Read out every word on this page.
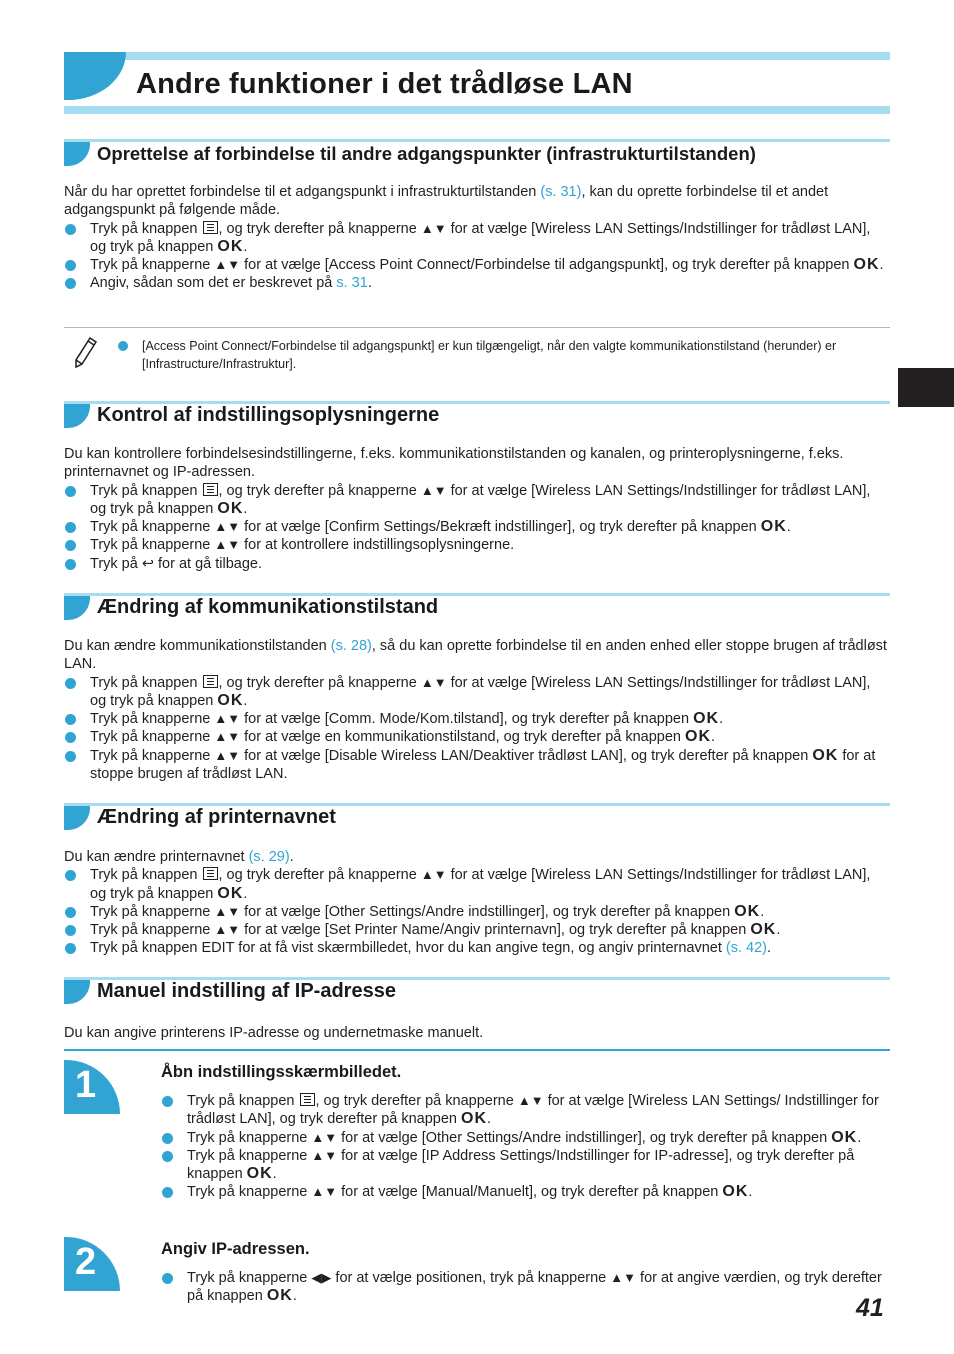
Andre funktioner i det trådløse LAN
Oprettelse af forbindelse til andre adgangspunkter (infrastrukturtilstanden)

Når du har oprettet forbindelse til et adgangspunkt i infrastrukturtilstanden (s. 31), kan du oprette forbindelse til et andet adgangspunkt på følgende måde.

Tryk på knappen , og tryk derefter på knapperne ▲▼ for at vælge [Wireless LAN Settings/Indstillinger for trådløst LAN], og tryk på knappen OK.
Tryk på knapperne ▲▼ for at vælge [Access Point Connect/Forbindelse til adgangspunkt], og tryk derefter på knappen OK.
Angiv, sådan som det er beskrevet på s. 31.
[Access Point Connect/Forbindelse til adgangspunkt] er kun tilgængeligt, når den valgte kommunikationstilstand (herunder) er [Infrastructure/Infrastruktur].
Kontrol af indstillingsoplysningerne

Du kan kontrollere forbindelsesindstillingerne, f.eks. kommunikationstilstanden og kanalen, og printeroplysningerne, f.eks. printernavnet og IP-adressen.

Tryk på knappen , og tryk derefter på knapperne ▲▼ for at vælge [Wireless LAN Settings/Indstillinger for trådløst LAN], og tryk på knappen OK.
Tryk på knapperne ▲▼ for at vælge [Confirm Settings/Bekræft indstillinger], og tryk derefter på knappen OK.
Tryk på knapperne ▲▼ for at kontrollere indstillingsoplysningerne.
Tryk på ↩ for at gå tilbage.
Ændring af kommunikationstilstand

Du kan ændre kommunikationstilstanden (s. 28), så du kan oprette forbindelse til en anden enhed eller stoppe brugen af trådløst LAN.

Tryk på knappen , og tryk derefter på knapperne ▲▼ for at vælge [Wireless LAN Settings/Indstillinger for trådløst LAN], og tryk på knappen OK.
Tryk på knapperne ▲▼ for at vælge [Comm. Mode/Kom.tilstand], og tryk derefter på knappen OK.
Tryk på knapperne ▲▼ for at vælge en kommunikationstilstand, og tryk derefter på knappen OK.
Tryk på knapperne ▲▼ for at vælge [Disable Wireless LAN/Deaktiver trådløst LAN], og tryk derefter på knappen OK for at stoppe brugen af trådløst LAN.
Ændring af printernavnet

Du kan ændre printernavnet (s. 29).

Tryk på knappen , og tryk derefter på knapperne ▲▼ for at vælge [Wireless LAN Settings/Indstillinger for trådløst LAN], og tryk på knappen OK.
Tryk på knapperne ▲▼ for at vælge [Other Settings/Andre indstillinger], og tryk derefter på knappen OK.
Tryk på knapperne ▲▼ for at vælge [Set Printer Name/Angiv printernavn], og tryk derefter på knappen OK.
Tryk på knappen EDIT for at få vist skærmbilledet, hvor du kan angive tegn, og angiv printernavnet (s. 42).
Manuel indstilling af IP-adresse

Du kan angive printerens IP-adresse og undernetmaske manuelt.

1	Åbn indstillingsskærmbilledet.
Tryk på knappen , og tryk derefter på knapperne ▲▼ for at vælge [Wireless LAN Settings/ Indstillinger for trådløst LAN], og tryk derefter på knappen OK.
Tryk på knapperne ▲▼ for at vælge [Other Settings/Andre indstillinger], og tryk derefter på knappen OK.
Tryk på knapperne ▲▼ for at vælge [IP Address Settings/Indstillinger for IP-adresse], og tryk derefter på knappen OK.
Tryk på knapperne ▲▼ for at vælge [Manual/Manuelt], og tryk derefter på knappen OK.
2	Angiv IP-adressen.
Tryk på knapperne ◀▶ for at vælge positionen, tryk på knapperne ▲▼ for at angive værdien, og tryk derefter på knappen OK.	41
